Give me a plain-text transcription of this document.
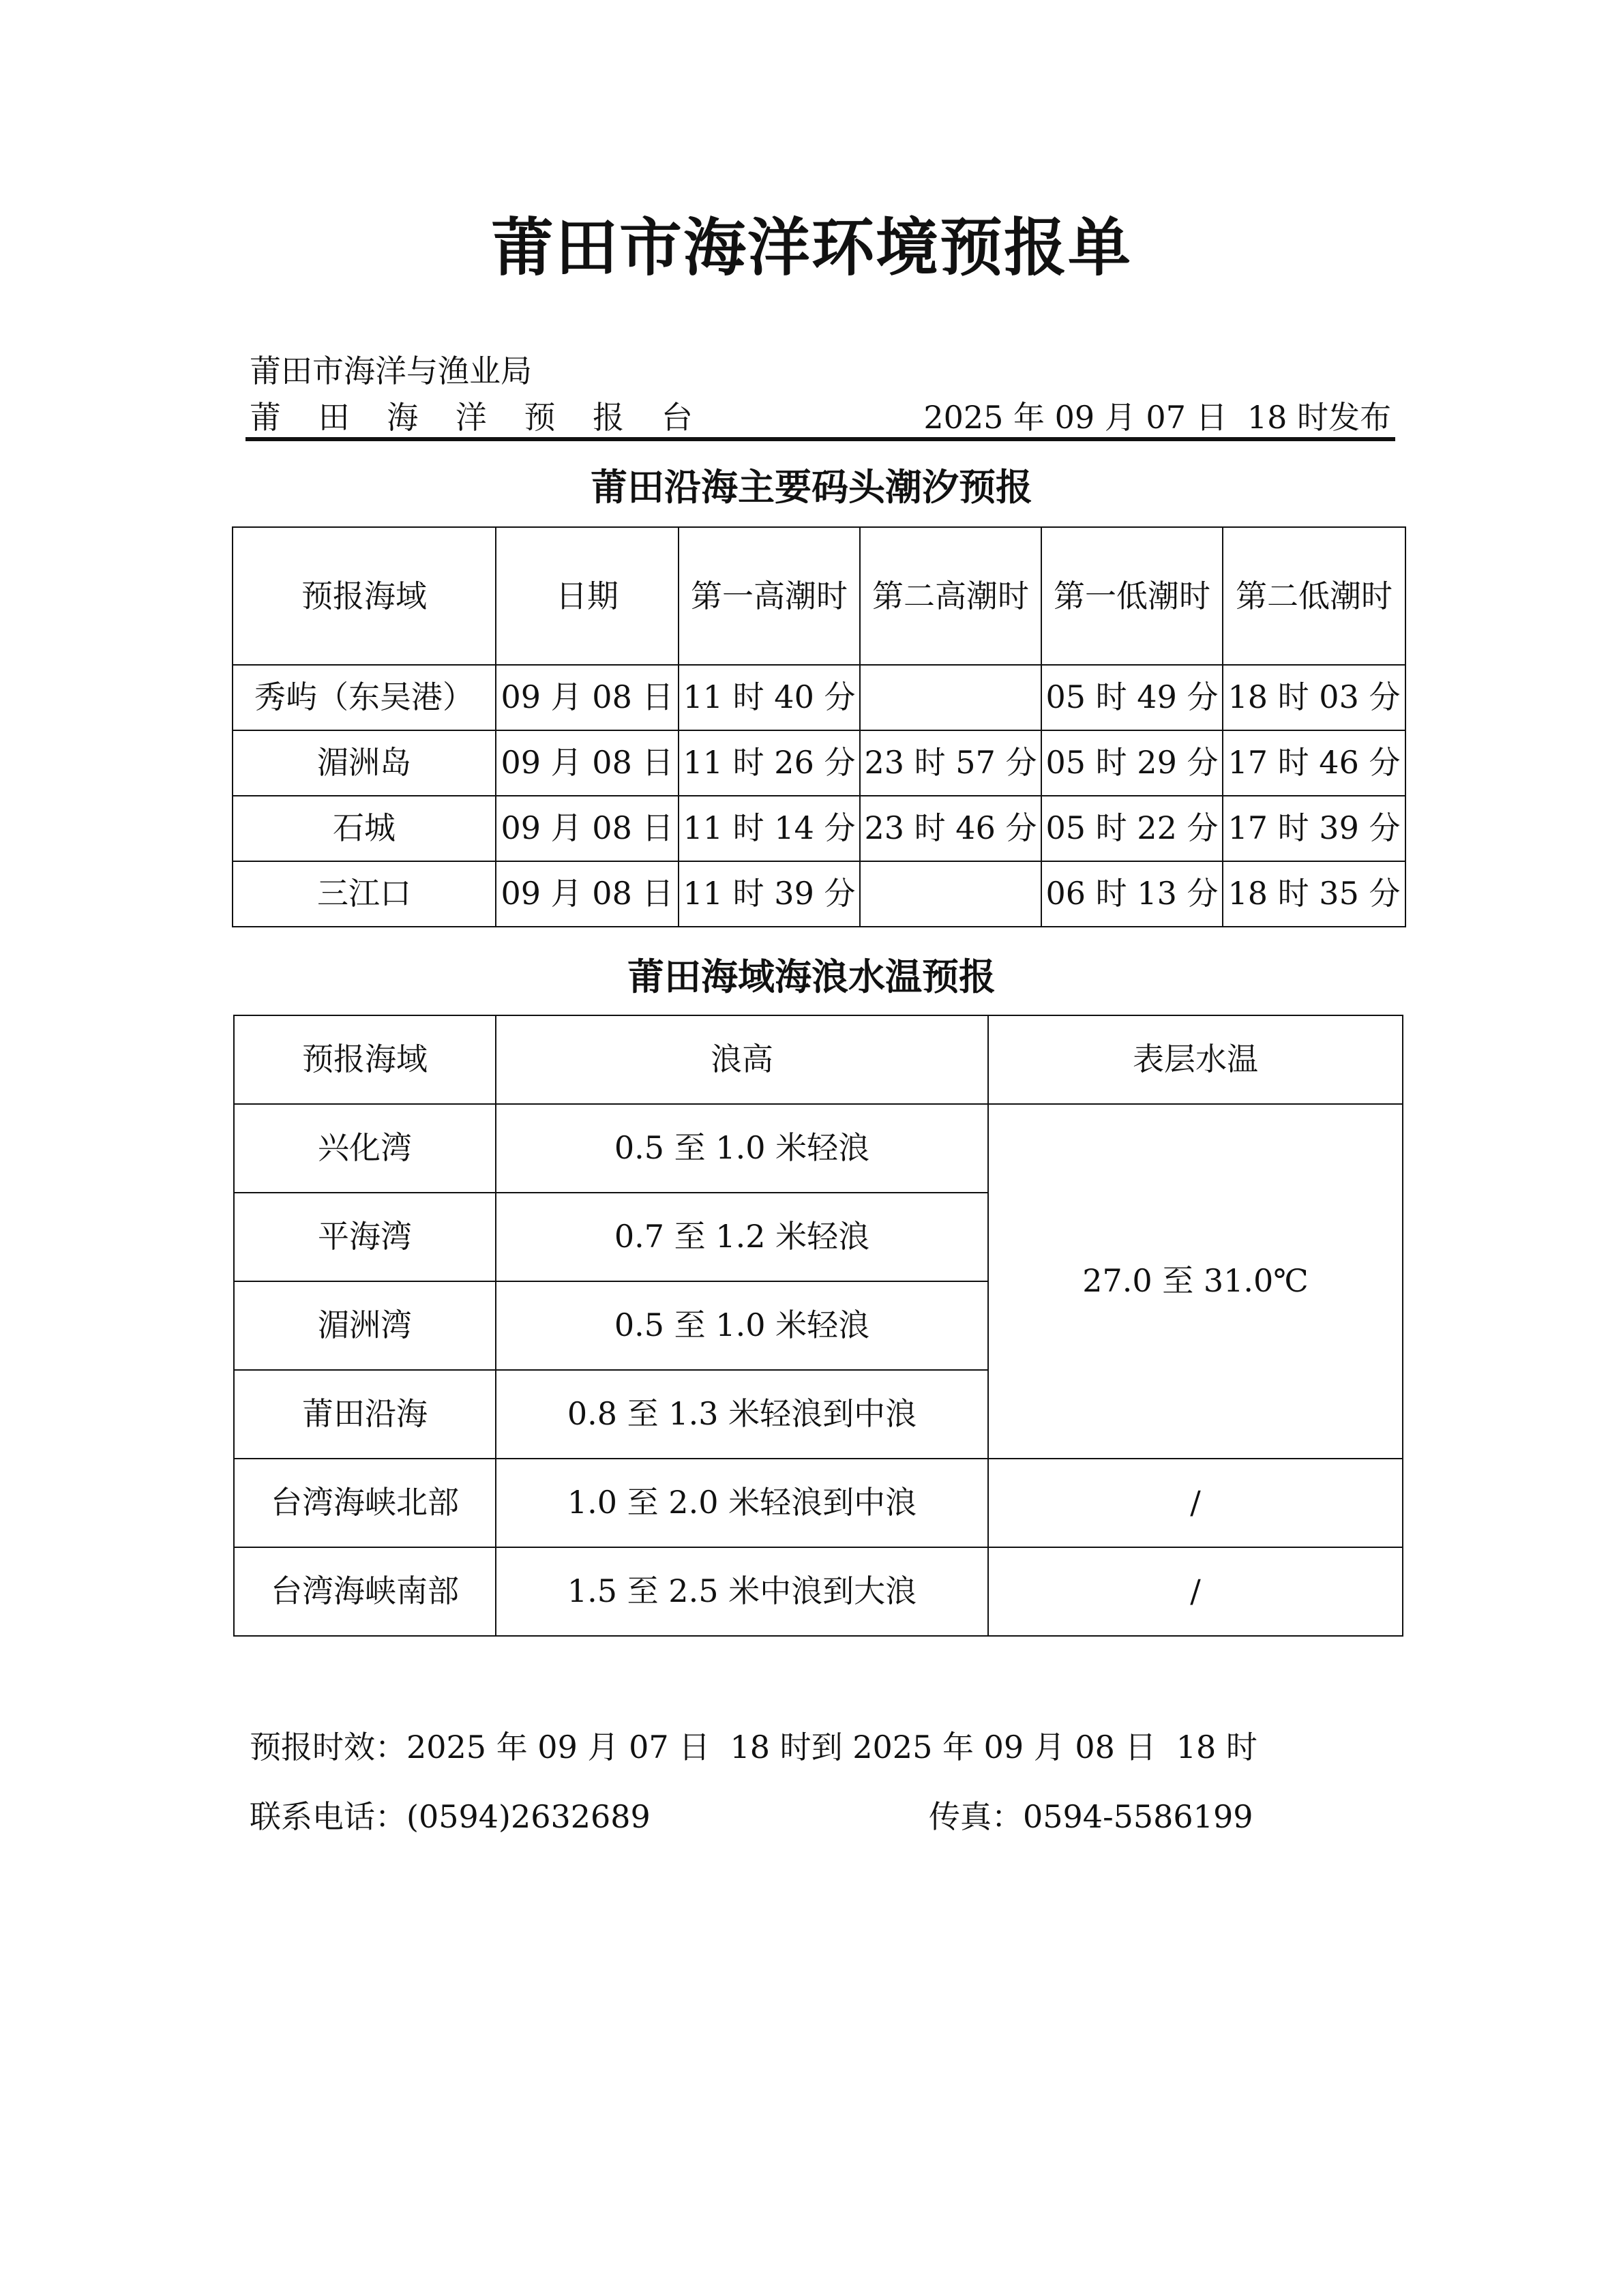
莆田市海洋环境预报单
莆田市海洋与渔业局
莆 田 海 洋 预 报 台	2025 年 09 月 07 日 18 时发布
莆田沿海主要码头潮汐预报
预报海域	日期	第一高潮时	第二高潮时	第一低潮时	第二低潮时
秀屿（东吴港）	09 月 08 日	11 时 40 分		05 时 49 分	18 时 03 分
湄洲岛	09 月 08 日	11 时 26 分	23 时 57 分	05 时 29 分	17 时 46 分
石城	09 月 08 日	11 时 14 分	23 时 46 分	05 时 22 分	17 时 39 分
三江口	09 月 08 日	11 时 39 分		06 时 13 分	18 时 35 分
莆田海域海浪水温预报
预报海域	浪高	表层水温
兴化湾	0.5 至 1.0 米轻浪	27.0 至 31.0℃
平海湾	0.7 至 1.2 米轻浪	
湄洲湾	0.5 至 1.0 米轻浪	
莆田沿海	0.8 至 1.3 米轻浪到中浪	
台湾海峡北部	1.0 至 2.0 米轻浪到中浪	/
台湾海峡南部	1.5 至 2.5 米中浪到大浪	/
预报时效：2025 年 09 月 07 日  18 时到 2025 年 09 月 08 日  18 时
联系电话：(0594)2632689	传真：0594-5586199
